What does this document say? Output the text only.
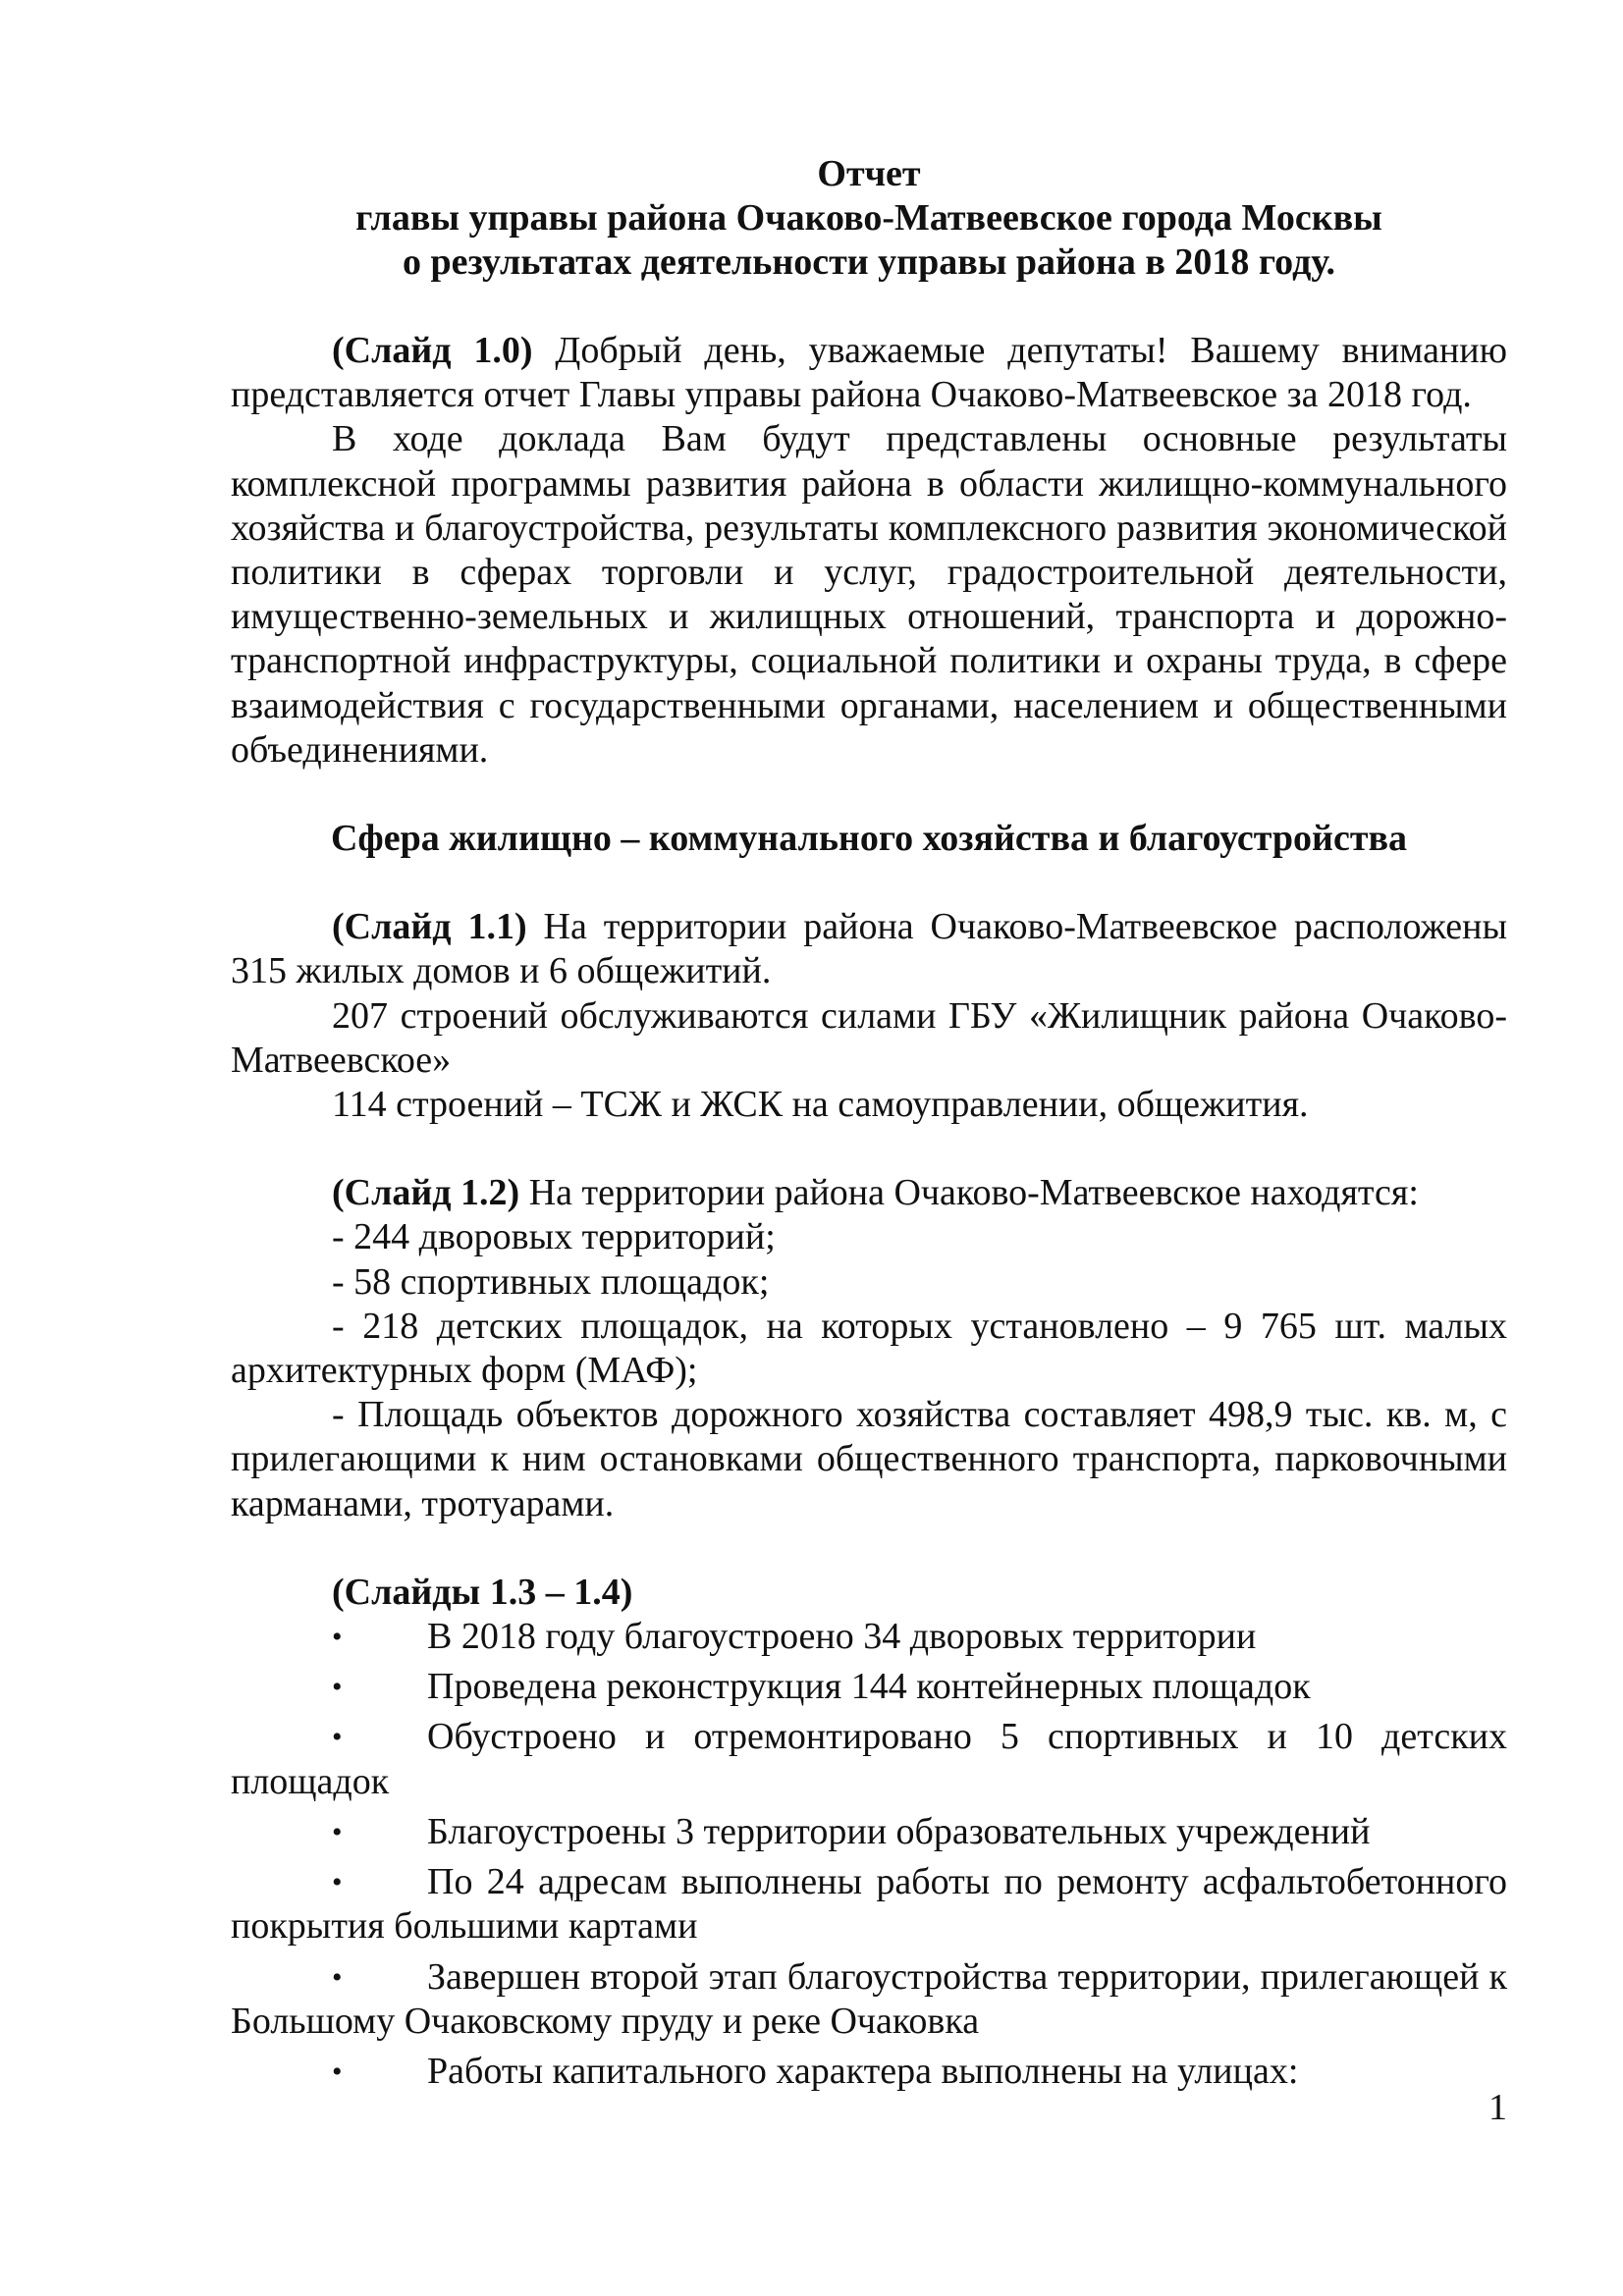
Отчет
главы управы района Очаково-Матвеевское города Москвы
о результатах деятельности управы района в 2018 году.

(Слайд 1.0) Добрый день, уважаемые депутаты! Вашему вниманию представляется отчет Главы управы района Очаково-Матвеевское за 2018 год.

В ходе доклада Вам будут представлены основные результаты комплексной программы развития района в области жилищно-коммунального хозяйства и благоустройства, результаты комплексного развития экономической политики в сферах торговли и услуг, градостроительной деятельности, имущественно-земельных и жилищных отношений, транспорта и дорожно-транспортной инфраструктуры, социальной политики и охраны труда, в сфере взаимодействия с государственными органами, населением и общественными объединениями.

Сфера жилищно – коммунального хозяйства и благоустройства

(Слайд 1.1) На территории района Очаково-Матвеевское расположены 315 жилых домов и 6 общежитий.

207 строений обслуживаются силами ГБУ «Жилищник района Очаково-Матвеевское»

114 строений – ТСЖ и ЖСК на самоуправлении, общежития.

(Слайд 1.2) На территории района Очаково-Матвеевское находятся:

- 244 дворовых территорий;

- 58 спортивных площадок;

- 218 детских площадок, на которых установлено – 9 765 шт. малых архитектурных форм (МАФ);

- Площадь объектов дорожного хозяйства составляет 498,9 тыс. кв. м, с прилегающими к ним остановками общественного транспорта, парковочными карманами, тротуарами.

(Слайды 1.3 – 1.4)

• В 2018 году благоустроено 34 дворовых территории
• Проведена реконструкция 144 контейнерных площадок
• Обустроено и отремонтировано 5 спортивных и 10 детских площадок
• Благоустроены 3 территории образовательных учреждений
• По 24 адресам выполнены работы по ремонту асфальтобетонного покрытия большими картами
• Завершен второй этап благоустройства территории, прилегающей к Большому Очаковскому пруду и реке Очаковка
• Работы капитального характера выполнены на улицах:
1
